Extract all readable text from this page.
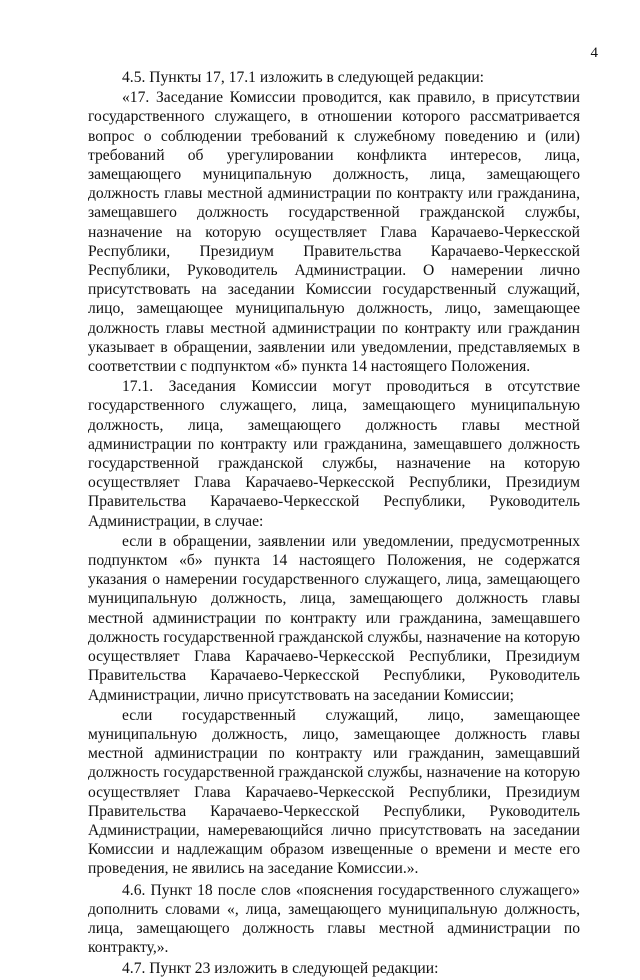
4

4.5. Пункты 17, 17.1 изложить в следующей редакции:

«17. Заседание Комиссии проводится, как правило, в присутствии государственного служащего, в отношении которого рассматривается вопрос о соблюдении требований к служебному поведению и (или) требований об урегулировании конфликта интересов, лица, замещающего муниципальную должность, лица, замещающего должность главы местной администрации по контракту или гражданина, замещавшего должность государственной гражданской службы, назначение на которую осуществляет Глава Карачаево-Черкесской Республики, Президиум Правительства Карачаево-Черкесской Республики, Руководитель Администрации. О намерении лично присутствовать на заседании Комиссии государственный служащий, лицо, замещающее муниципальную должность, лицо, замещающее должность главы местной администрации по контракту или гражданин указывает в обращении, заявлении или уведомлении, представляемых в соответствии с подпунктом «б» пункта 14 настоящего Положения.

17.1. Заседания Комиссии могут проводиться в отсутствие государственного служащего, лица, замещающего муниципальную должность, лица, замещающего должность главы местной администрации по контракту или гражданина, замещавшего должность государственной гражданской службы, назначение на которую осуществляет Глава Карачаево-Черкесской Республики, Президиум Правительства Карачаево-Черкесской Республики, Руководитель Администрации, в случае:

если в обращении, заявлении или уведомлении, предусмотренных подпунктом «б» пункта 14 настоящего Положения, не содержатся указания о намерении государственного служащего, лица, замещающего муниципальную должность, лица, замещающего должность главы местной администрации по контракту или гражданина, замещавшего должность государственной гражданской службы, назначение на которую осуществляет Глава Карачаево-Черкесской Республики, Президиум Правительства Карачаево-Черкесской Республики, Руководитель Администрации, лично присутствовать на заседании Комиссии;

если государственный служащий, лицо, замещающее муниципальную должность, лицо, замещающее должность главы местной администрации по контракту или гражданин, замещавший должность государственной гражданской службы, назначение на которую осуществляет Глава Карачаево-Черкесской Республики, Президиум Правительства Карачаево-Черкесской Республики, Руководитель Администрации, намеревающийся лично присутствовать на заседании Комиссии и надлежащим образом извещенные о времени и месте его проведения, не явились на заседание Комиссии.».

4.6. Пункт 18 после слов «пояснения государственного служащего» дополнить словами «, лица, замещающего муниципальную должность, лица, замещающего должность главы местной администрации по контракту,».

4.7. Пункт 23 изложить в следующей редакции:
